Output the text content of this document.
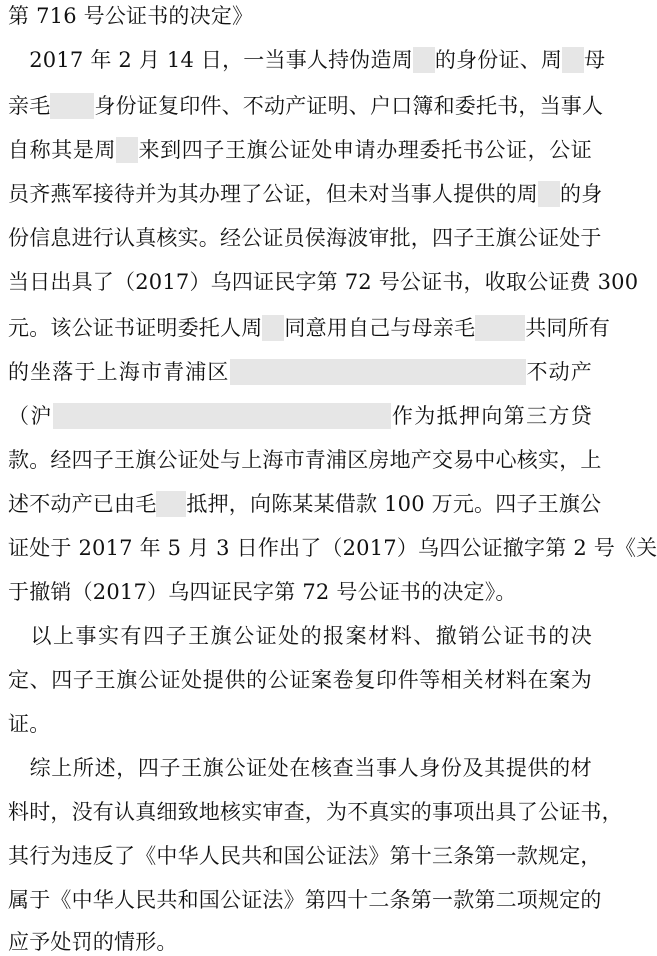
第 716 号公证书的决定》
　2017 年 2 月 14 日，一当事人持伪造周 的身份证、周 母
亲毛 身份证复印件、不动产证明、户口簿和委托书，当事人
自称其是周 来到四子王旗公证处申请办理委托书公证，公证
员齐燕军接待并为其办理了公证，但未对当事人提供的周 的身
份信息进行认真核实。经公证员侯海波审批，四子王旗公证处于
当日出具了（2017）乌四证民字第 72 号公证书，收取公证费 300
元。该公证书证明委托人周 同意用自己与母亲毛 共同所有
的坐落于上海市青浦区	不动产
（沪	作为抵押向第三方贷
款。经四子王旗公证处与上海市青浦区房地产交易中心核实，上
述不动产已由毛 抵押，向陈某某借款 100 万元。四子王旗公
证处于 2017 年 5 月 3 日作出了（2017）乌四公证撤字第 2 号《关
于撤销（2017）乌四证民字第 72 号公证书的决定》。
　以上事实有四子王旗公证处的报案材料、撤销公证书的决
定、四子王旗公证处提供的公证案卷复印件等相关材料在案为
证。
　综上所述，四子王旗公证处在核查当事人身份及其提供的材
料时，没有认真细致地核实审查，为不真实的事项出具了公证书，
其行为违反了《中华人民共和国公证法》第十三条第一款规定，
属于《中华人民共和国公证法》第四十二条第一款第二项规定的
应予处罚的情形。
